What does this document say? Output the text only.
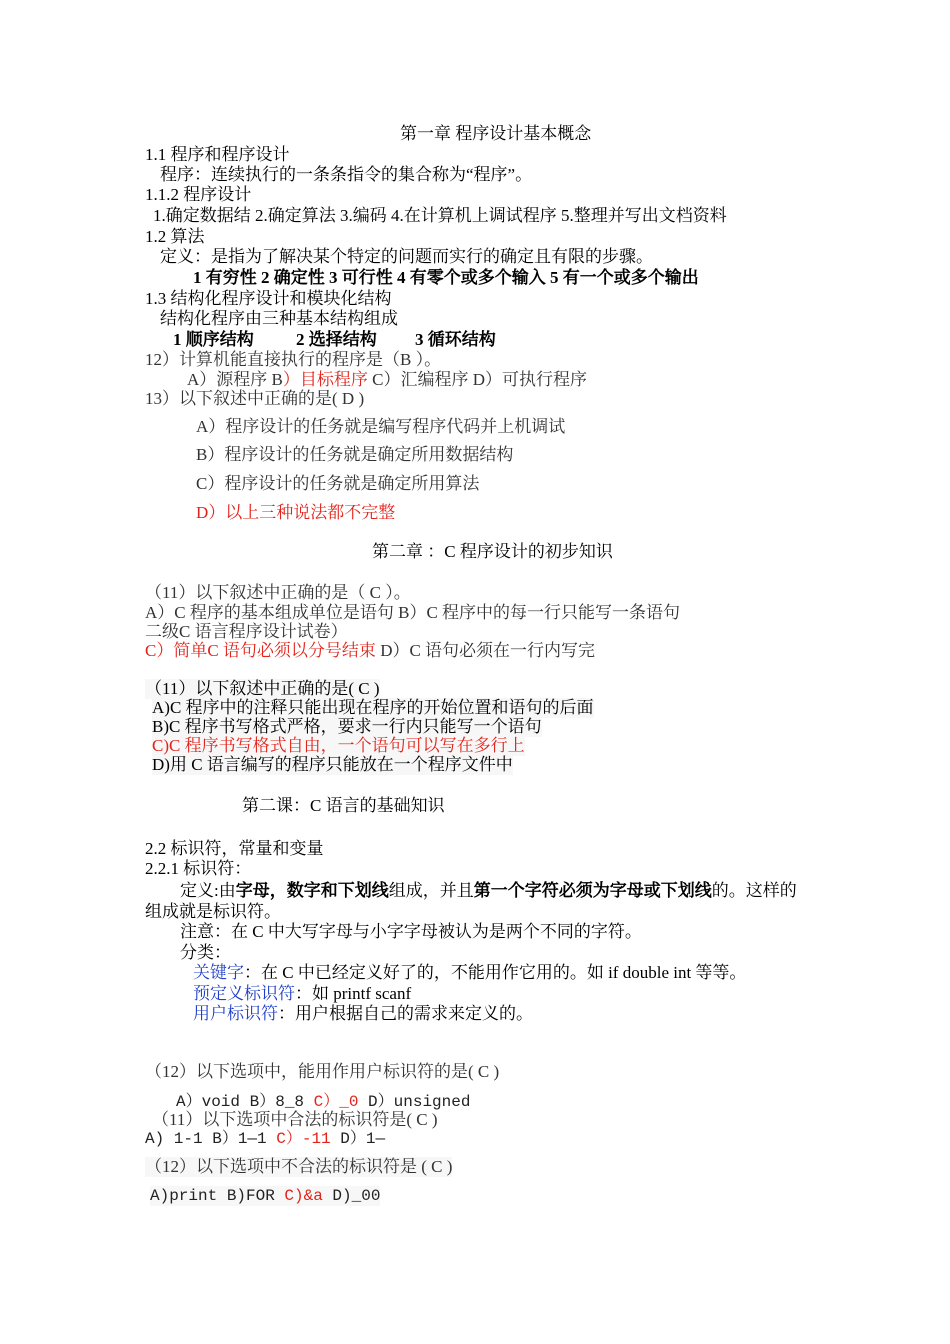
第一章 程序设计基本概念
1.1 程序和程序设计
程序：连续执行的一条条指令的集合称为“程序”。
1.1.2 程序设计
1.确定数据结 2.确定算法 3.编码 4.在计算机上调试程序 5.整理并写出文档资料
1.2 算法
定义：是指为了解决某个特定的问题而实行的确定且有限的步骤。
1 有穷性 2 确定性 3 可行性 4 有零个或多个输入 5 有一个或多个输出
1.3 结构化程序设计和模块化结构
结构化程序由三种基本结构组成
1 顺序结构 2 选择结构 3 循环结构
12）计算机能直接执行的程序是（B ）。
A）源程序 B）目标程序 C）汇编程序 D）可执行程序
13）以下叙述中正确的是( D )
A）程序设计的任务就是编写程序代码并上机调试
B）程序设计的任务就是确定所用数据结构
C）程序设计的任务就是确定所用算法
D）以上三种说法都不完整
第二章 ：C 程序设计的初步知识
（11）以下叙述中正确的是（ C ）。
A）C 程序的基本组成单位是语句 B）C 程序中的每一行只能写一条语句
二级C 语言程序设计试卷）
C）简单C 语句必须以分号结束 D）C 语句必须在一行内写完
（11）以下叙述中正确的是( C )
A)C 程序中的注释只能出现在程序的开始位置和语句的后面
B)C 程序书写格式严格，要求一行内只能写一个语句
C)C 程序书写格式自由，一个语句可以写在多行上
D)用 C 语言编写的程序只能放在一个程序文件中
第二课：C 语言的基础知识
2.2 标识符，常量和变量
2.2.1 标识符：
定义:由字母，数字和下划线组成，并且第一个字符必须为字母或下划线的。这样的
组成就是标识符。
注意：在 C 中大写字母与小字字母被认为是两个不同的字符。
分类：
关键字：在 C 中已经定义好了的，不能用作它用的。如 if double int 等等。
预定义标识符：如 printf scanf
用户标识符：用户根据自己的需求来定义的。
（12）以下选项中，能用作用户标识符的是( C )
A）void B）8_8 C）_0 D）unsigned
（11）以下选项中合法的标识符是( C )
A) 1-1 B）1—1 C）-11 D）1—
（12）以下选项中不合法的标识符是 ( C )
A)print B)FOR C)&a D)_00
